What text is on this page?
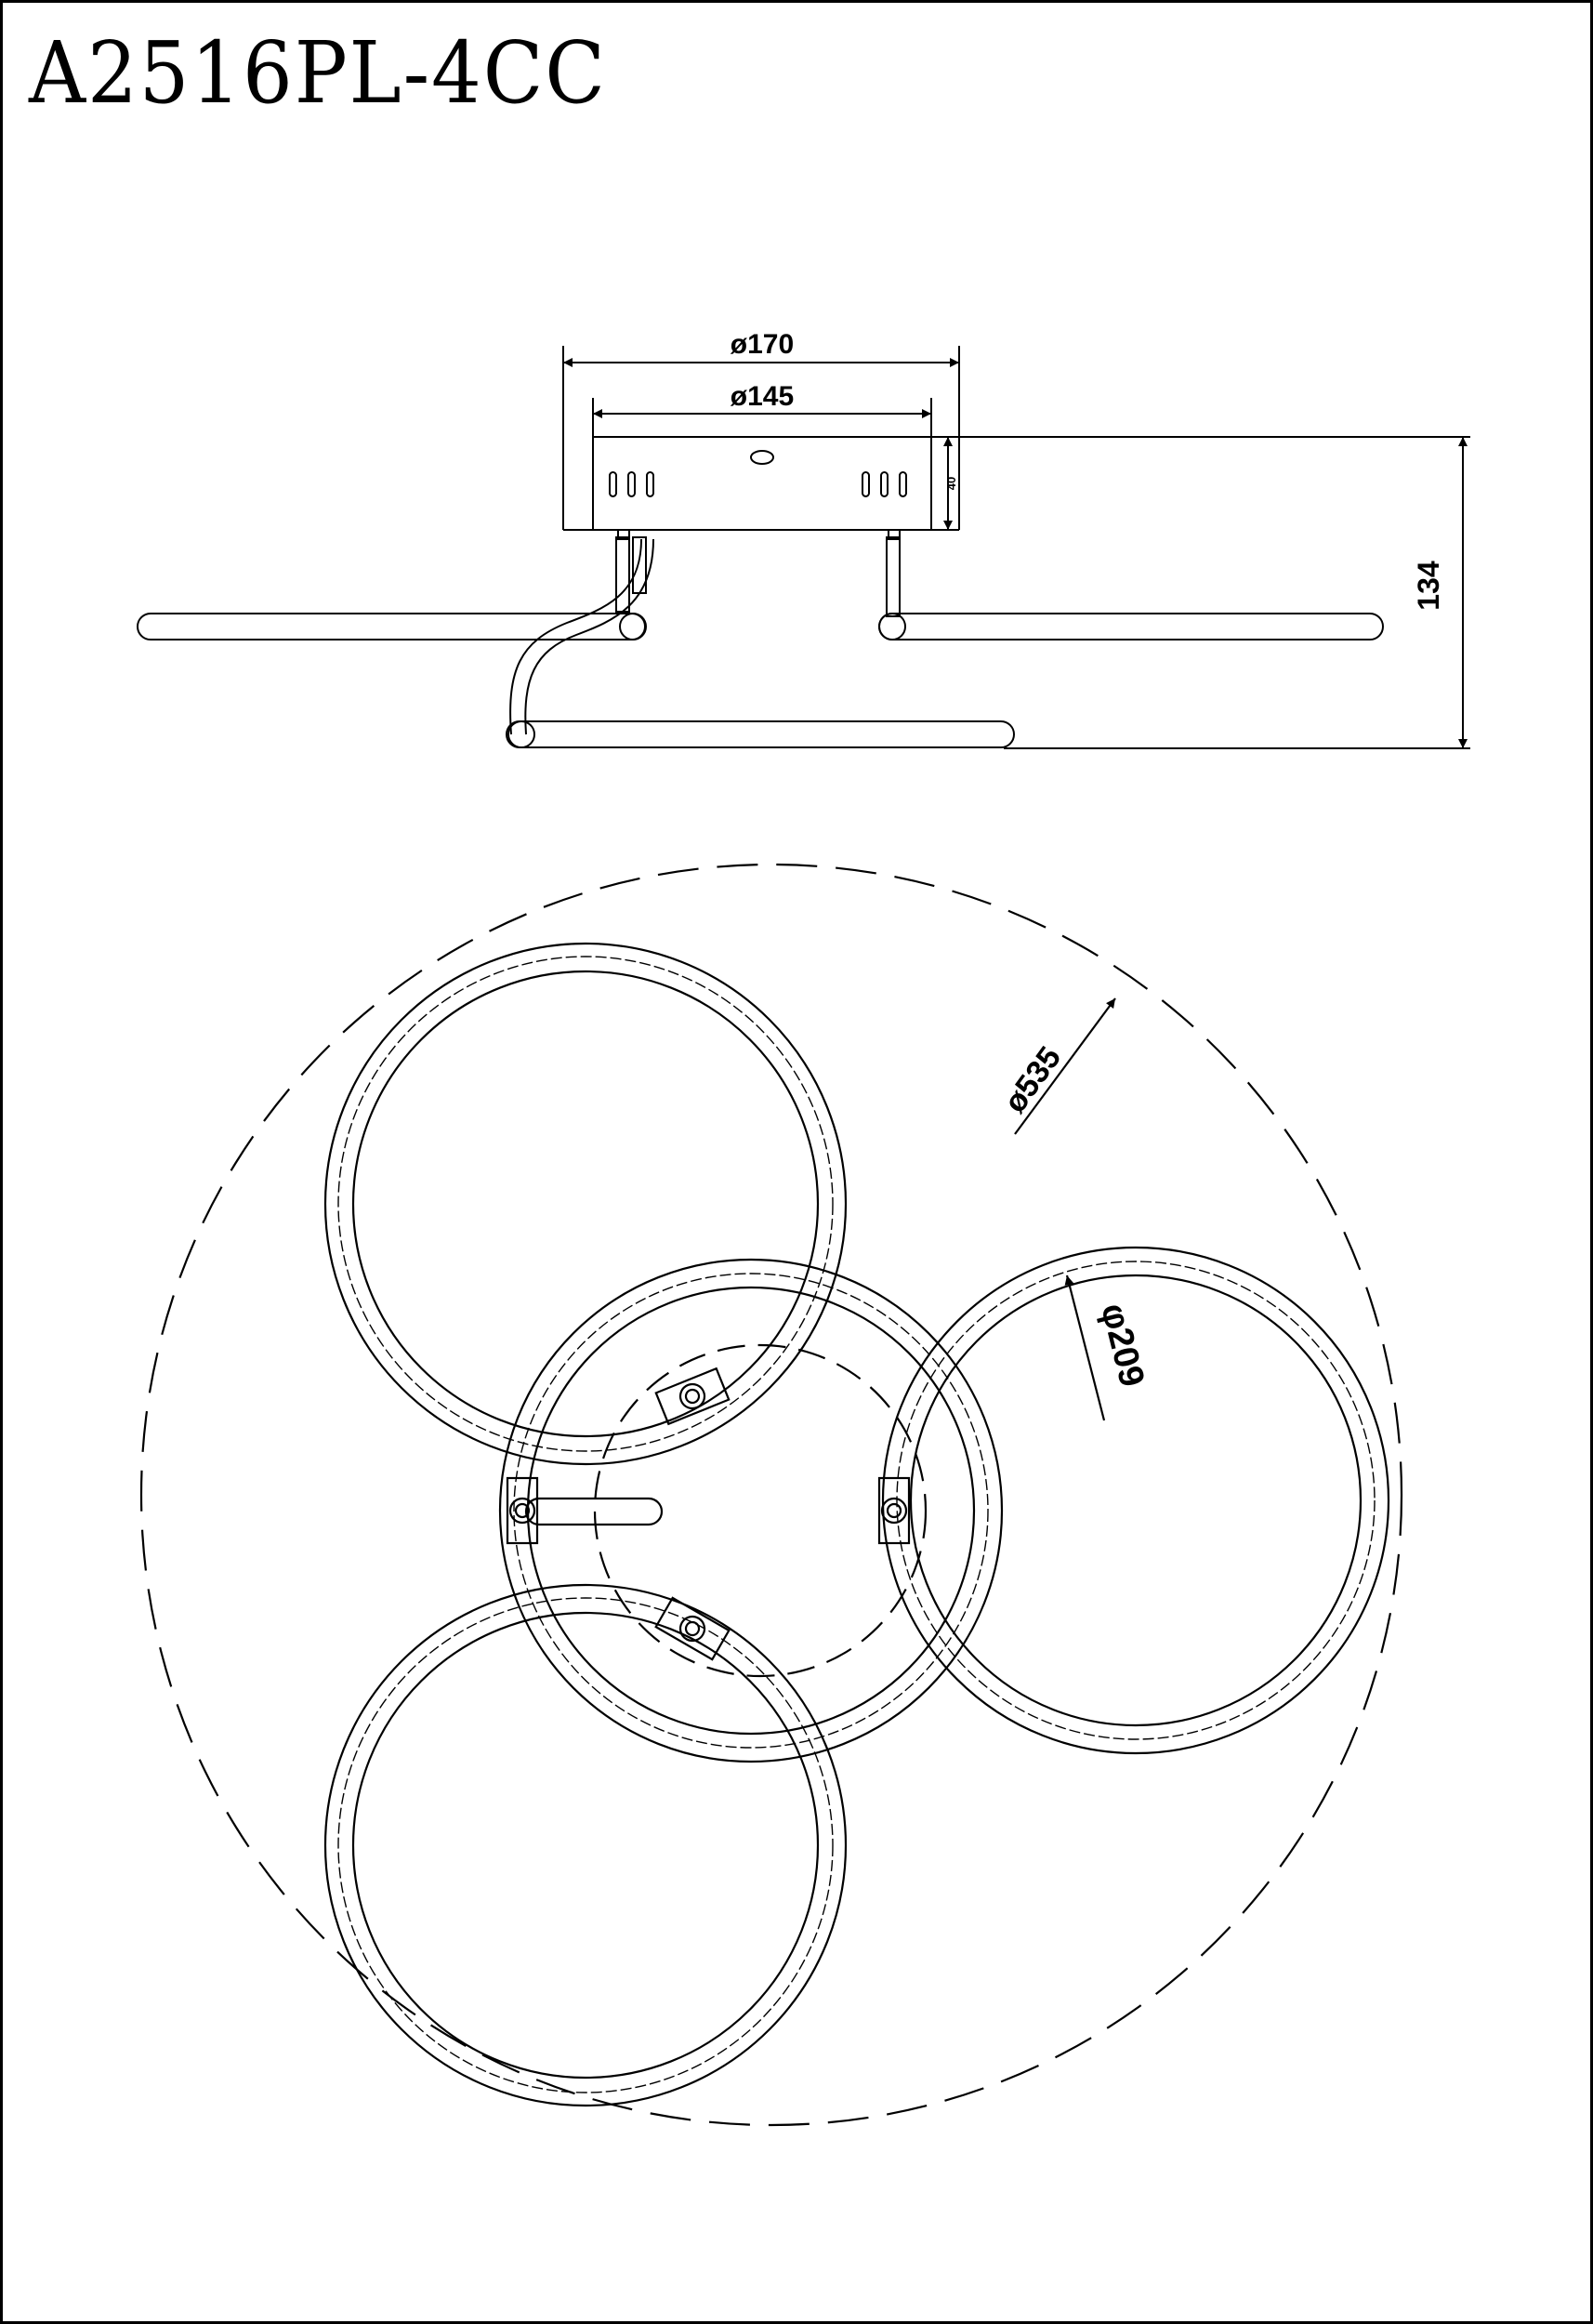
A2516PL-4CC
ø170
ø145
40
134
ø535
φ209
